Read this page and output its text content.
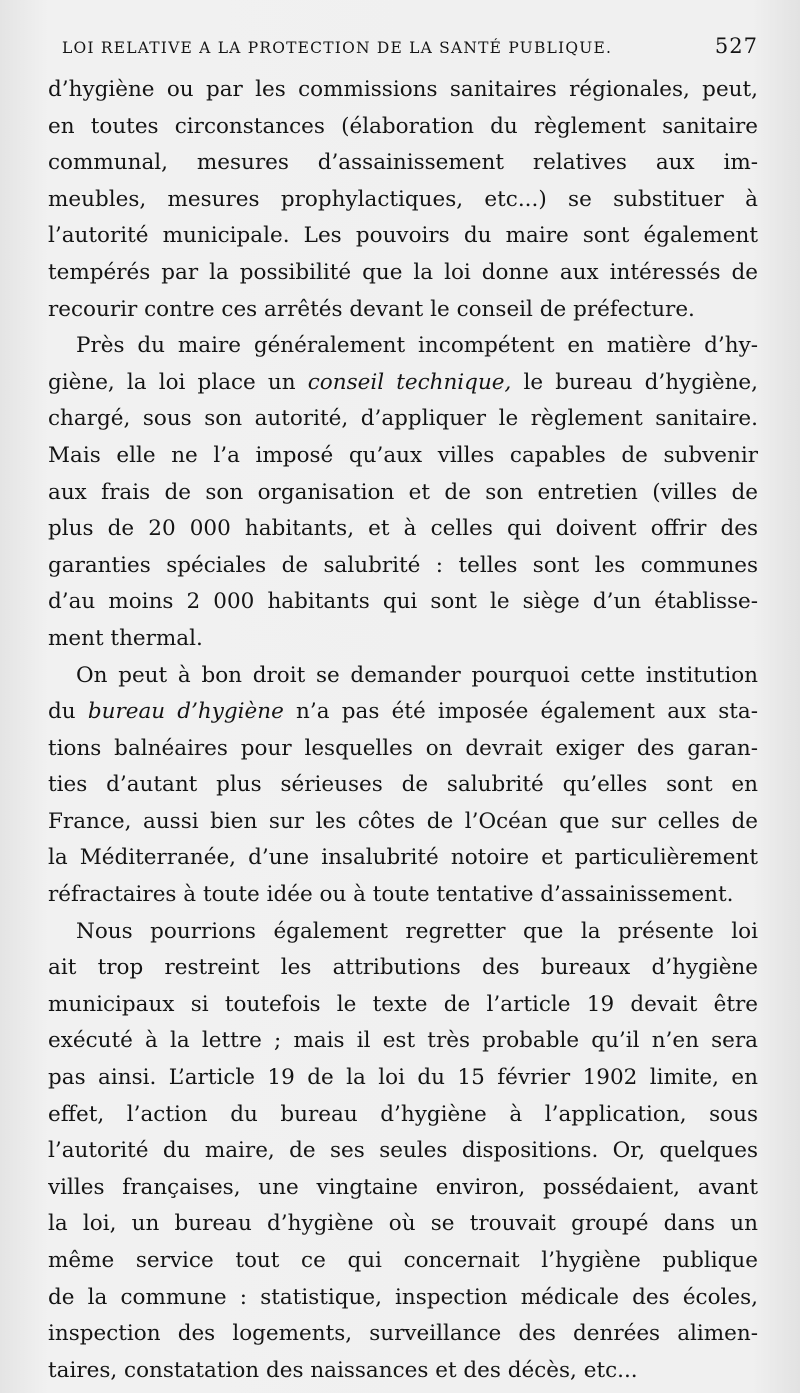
LOI RELATIVE A LA PROTECTION DE LA SANTÉ PUBLIQUE.	527
d’hygiène ou par les commissions sanitaires régionales, peut,
en toutes circonstances (élaboration du règlement sanitaire
communal, mesures d’assainissement relatives aux im-
meubles, mesures prophylactiques, etc...) se substituer à
l’autorité municipale. Les pouvoirs du maire sont également
tempérés par la possibilité que la loi donne aux intéressés de
recourir contre ces arrêtés devant le conseil de préfecture.
Près du maire généralement incompétent en matière d’hy-
giène, la loi place un conseil technique, le bureau d’hygiène,
chargé, sous son autorité, d’appliquer le règlement sanitaire.
Mais elle ne l’a imposé qu’aux villes capables de subvenir
aux frais de son organisation et de son entretien (villes de
plus de 20 000 habitants, et à celles qui doivent offrir des
garanties spéciales de salubrité : telles sont les communes
d’au moins 2 000 habitants qui sont le siège d’un établisse-
ment thermal.
On peut à bon droit se demander pourquoi cette institution
du bureau d’hygiène n’a pas été imposée également aux sta-
tions balnéaires pour lesquelles on devrait exiger des garan-
ties d’autant plus sérieuses de salubrité qu’elles sont en
France, aussi bien sur les côtes de l’Océan que sur celles de
la Méditerranée, d’une insalubrité notoire et particulièrement
réfractaires à toute idée ou à toute tentative d’assainissement.
Nous pourrions également regretter que la présente loi
ait trop restreint les attributions des bureaux d’hygiène
municipaux si toutefois le texte de l’article 19 devait être
exécuté à la lettre ; mais il est très probable qu’il n’en sera
pas ainsi. L’article 19 de la loi du 15 février 1902 limite, en
effet, l’action du bureau d’hygiène à l’application, sous
l’autorité du maire, de ses seules dispositions. Or, quelques
villes françaises, une vingtaine environ, possédaient, avant
la loi, un bureau d’hygiène où se trouvait groupé dans un
même service tout ce qui concernait l’hygiène publique
de la commune : statistique, inspection médicale des écoles,
inspection des logements, surveillance des denrées alimen-
taires, constatation des naissances et des décès, etc...
